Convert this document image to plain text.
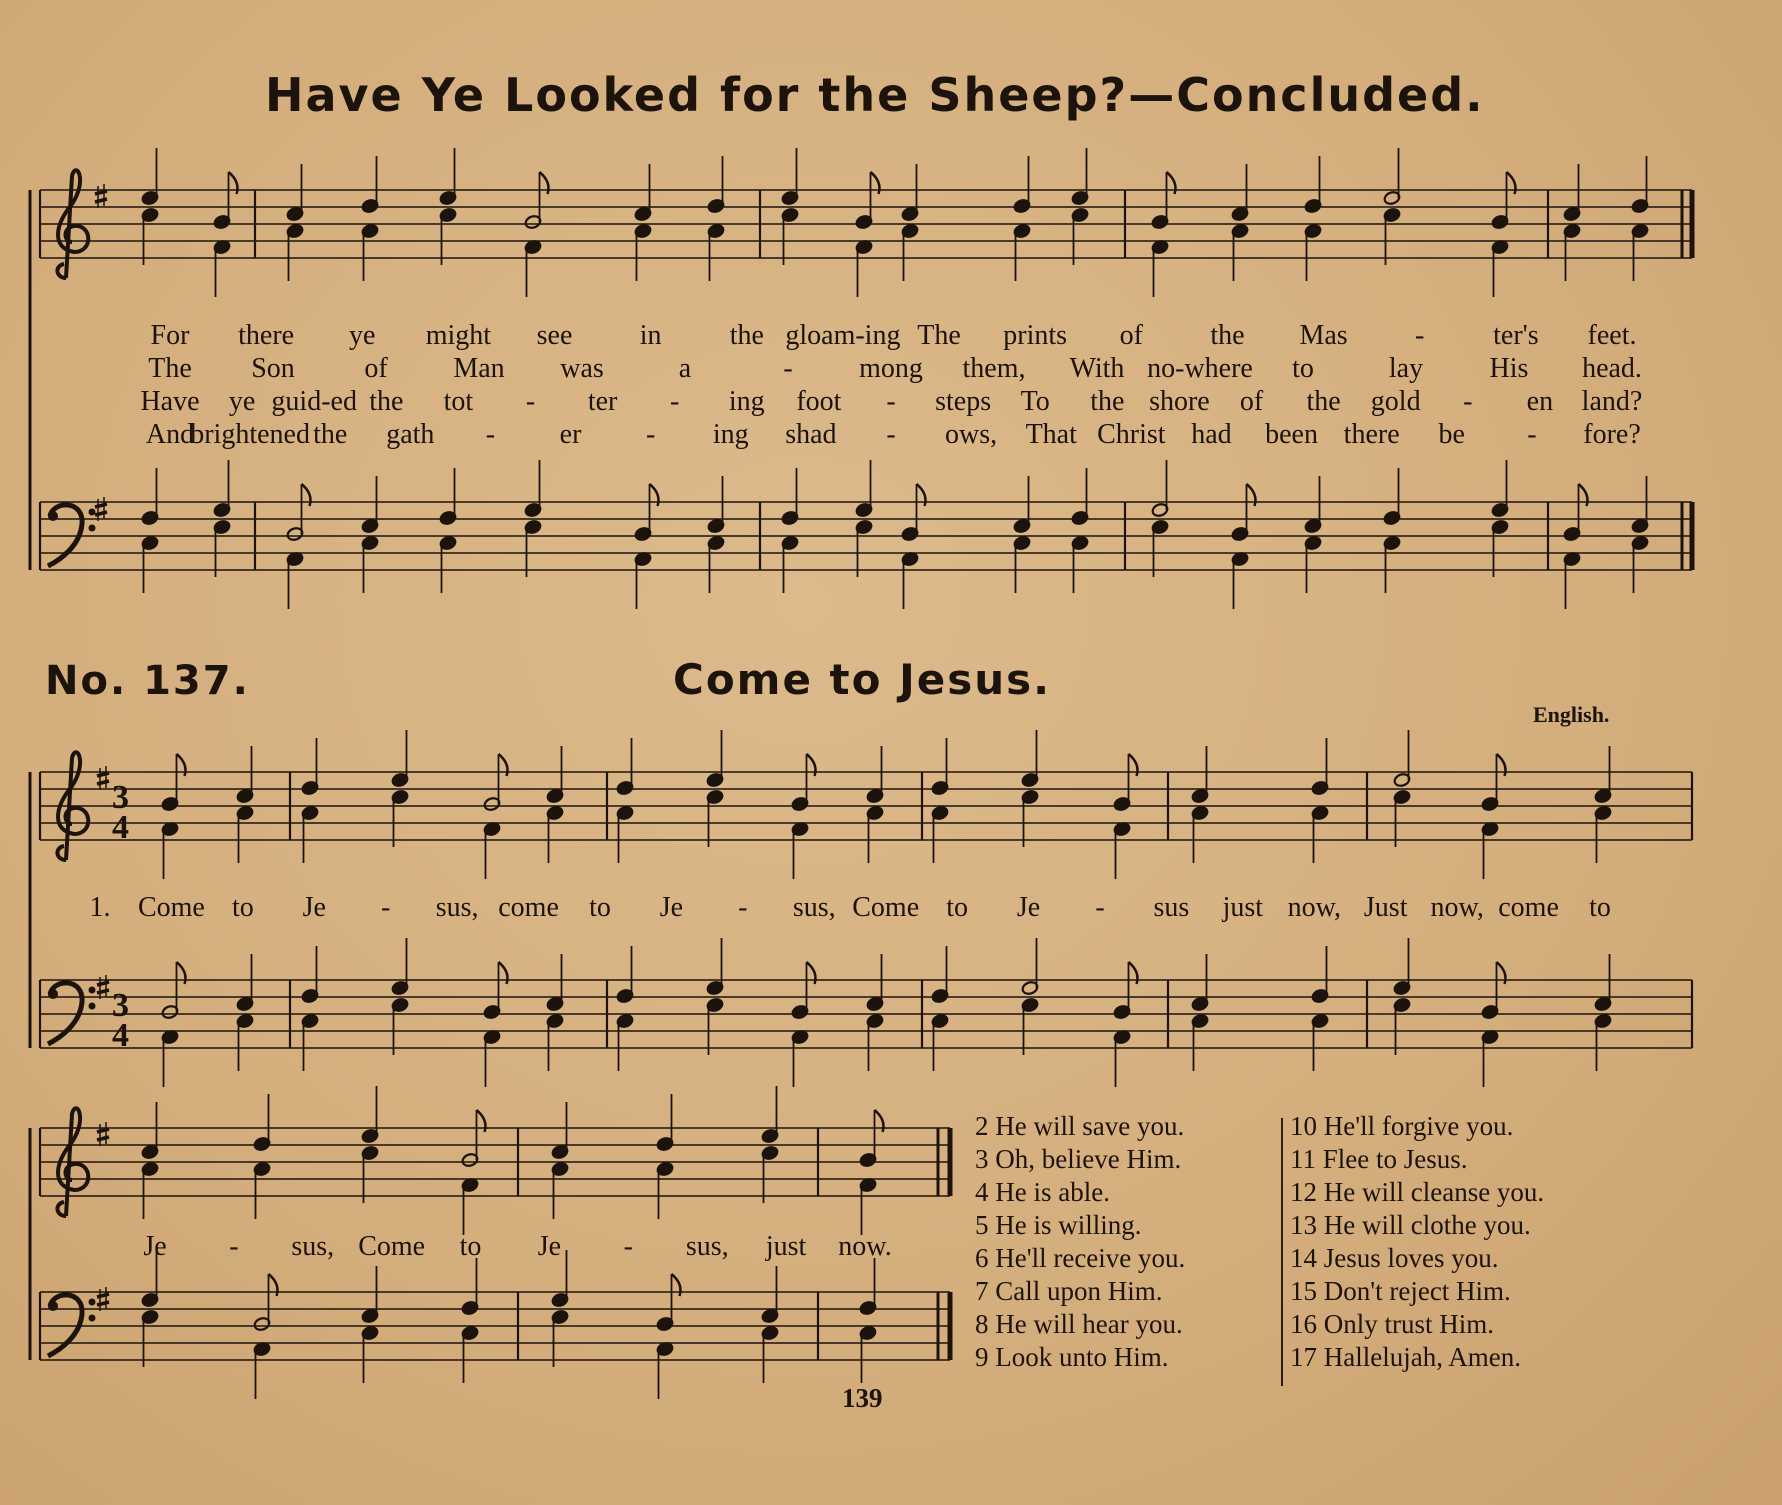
Have Ye Looked for the Sheep?—Concluded.
For there ye might see in the gloam-ing The prints of the Mas - ter's feet.
The Son of Man was	a	- mong them, With no-where to	lay His head.
Have ye guid-ed the tot - ter - ing foot - steps To the shore of the gold - en land?
And
brightened the gath - er - ing shad - ows, That Christ had been there be - fore?
No. 137.	Come to Jesus.
English.
3
4
3
4
1. Come to Je - sus, come to Je - sus, Come to Je - sus just now, Just now, come to
Je - sus, Come to Je - sus, just now.
2 He will save you.
3 Oh, believe Him.
4 He is able.
5 He is willing.
6 He'll receive you.
7 Call upon Him.
8 He will hear you.
9 Look unto Him.
10 He'll forgive you.
11 Flee to Jesus.
12 He will cleanse you.
13 He will clothe you.
14 Jesus loves you.
15 Don't reject Him.
16 Only trust Him.
17 Hallelujah, Amen.
139
